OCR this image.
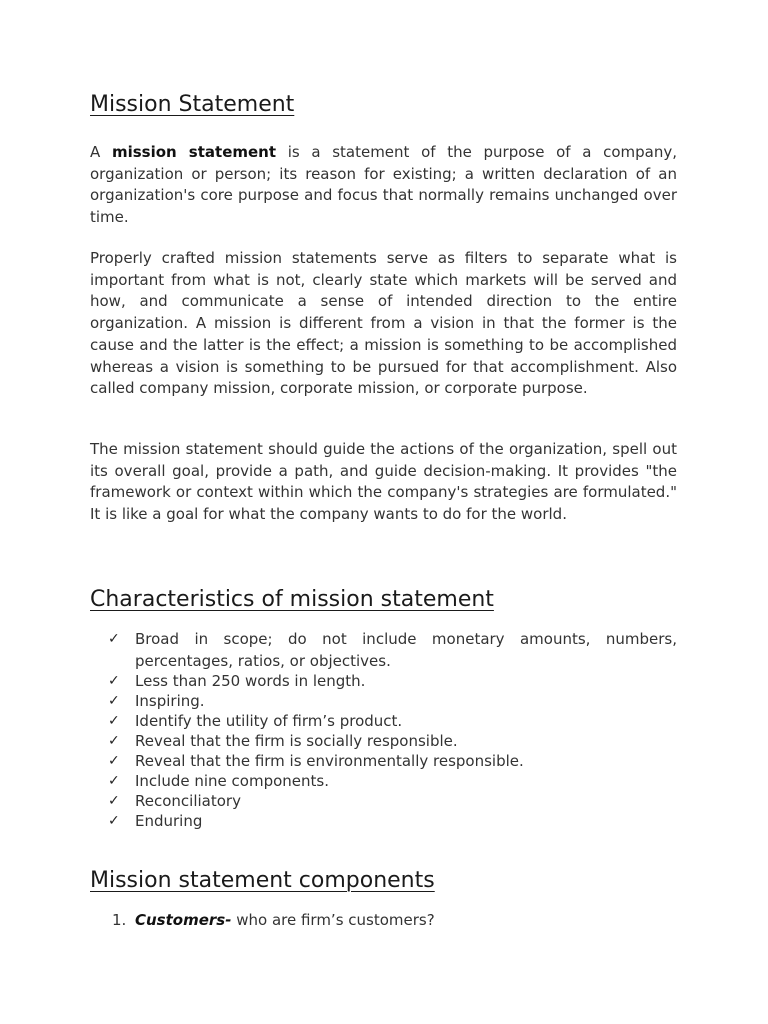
Mission Statement

A mission statement is a statement of the purpose of a company, organization or person; its reason for existing; a written declaration of an organization's core purpose and focus that normally remains unchanged over time.

Properly crafted mission statements serve as filters to separate what is important from what is not, clearly state which markets will be served and how, and communicate a sense of intended direction to the entire organization. A mission is different from a vision in that the former is the cause and the latter is the effect; a mission is something to be accomplished whereas a vision is something to be pursued for that accomplishment. Also called company mission, corporate mission, or corporate purpose.

The mission statement should guide the actions of the organization, spell out its overall goal, provide a path, and guide decision-making. It provides "the framework or context within which the company's strategies are formulated." It is like a goal for what the company wants to do for the world.

Characteristics of mission statement
✓ Broad in scope; do not include monetary amounts, numbers, percentages, ratios, or objectives.
✓ Less than 250 words in length.
✓ Inspiring.
✓ Identify the utility of firm’s product.
✓ Reveal that the firm is socially responsible.
✓ Reveal that the firm is environmentally responsible.
✓ Include nine components.
✓ Reconciliatory
✓ Enduring
Mission statement components
1. Customers- who are firm’s customers?
